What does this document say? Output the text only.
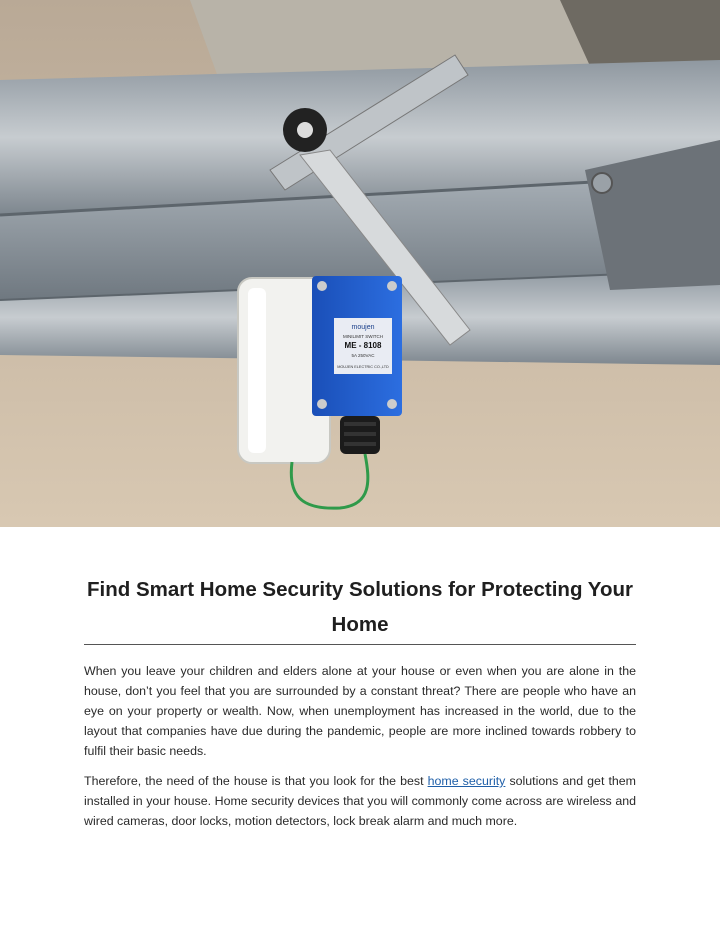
moujen
MINILIMIT SWITCH
ME - 8108
5A 250VAC
MOUJEN ELECTRIC CO.,LTD
Find Smart Home Security Solutions for Protecting Your Home

When you leave your children and elders alone at your house or even when you are alone in the house, don’t you feel that you are surrounded by a constant threat? There are people who have an eye on your property or wealth. Now, when unemployment has increased in the world, due to the layout that companies have due during the pandemic, people are more inclined towards robbery to fulfil their basic needs.

Therefore, the need of the house is that you look for the best home security solutions and get them installed in your house. Home security devices that you will commonly come across are wireless and wired cameras, door locks, motion detectors, lock break alarm and much more.
